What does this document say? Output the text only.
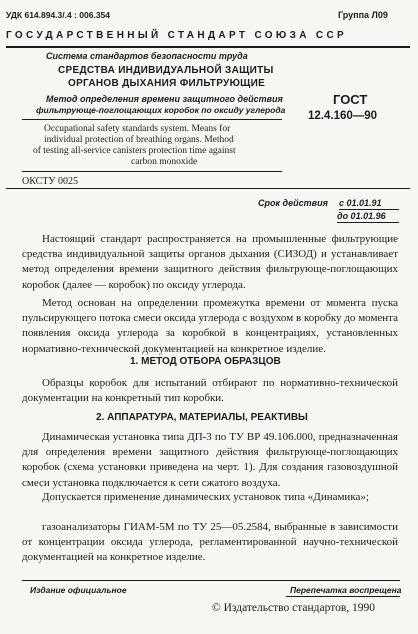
УДК 614.894.3/.4 : 006.354	Группа Л09
ГОСУДАРСТВЕННЫЙ СТАНДАРТ СОЮЗА ССР
Система стандартов безопасности труда
СРЕДСТВА ИНДИВИДУАЛЬНОЙ ЗАЩИТЫ
ОРГАНОВ ДЫХАНИЯ ФИЛЬТРУЮЩИЕ
Метод определения времени защитного действия
фильтрующе-поглощающих коробок по оксиду углерода
Occupational safety standards system. Means for
individual protection of breathing organs. Method
of testing all-service canisters protection time against
carbon monoxide
ОКСТУ 0025
ГОСТ
12.4.160—90
Срок действия с 01.01.91
до 01.01.96

Настоящий стандарт распространяется на промышленные фильтрующие средства индивидуальной защиты органов дыхания (СИЗОД) и устанавливает метод определения времени защитного действия фильтрующе-поглощающих коробок (далее — коробок) по оксиду углерода.

Метод основан на определении промежутка времени от момента пуска пульсирующего потока смеси оксида углерода с воздухом в коробку до момента появления оксида углерода за коробкой в концентрациях, установленных нормативно-технической документацией на конкретное изделие.

1. МЕТОД ОТБОРА ОБРАЗЦОВ

Образцы коробок для испытаний отбирают по нормативно-технической документации на конкретный тип коробки.

2. АППАРАТУРА, МАТЕРИАЛЫ, РЕАКТИВЫ

Динамическая установка типа ДП-3 по ТУ ВР 49.106.000, предназначенная для определения времени защитного действия фильтрующе-поглощающих коробок (схема установки приведена на черт. 1). Для создания газовоздушной смеси установка подключается к сети сжатого воздуха.

Допускается применение динамических установок типа «Динамика»;

газоанализаторы ГИАМ-5М по ТУ 25—05.2584, выбранные в зависимости от концентрации оксида углерода, регламентированной научно-технической документацией на конкретное изделие.

Издание официальное	Перепечатка воспрещена
© Издательство стандартов, 1990
